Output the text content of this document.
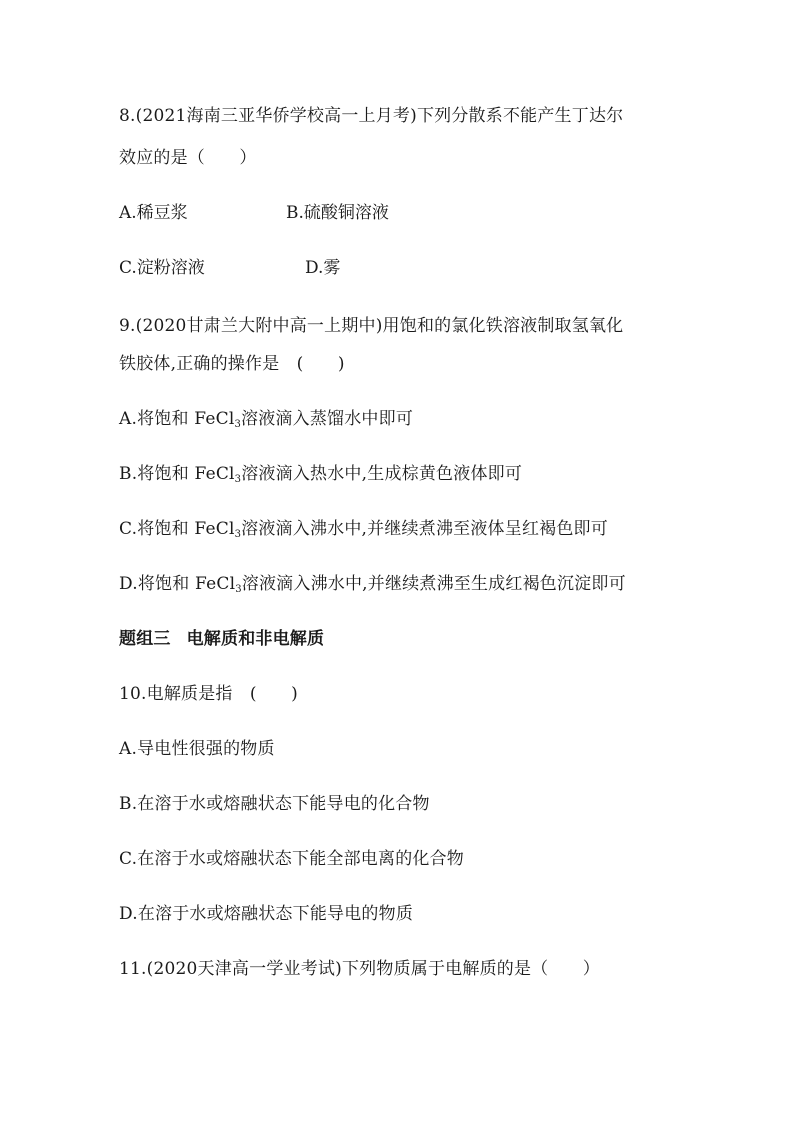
8.(2021海南三亚华侨学校高一上月考)下列分散系不能产生丁达尔
效应的是（　　）
A.稀豆浆	B.硫酸铜溶液
C.淀粉溶液	D.雾
9.(2020甘肃兰大附中高一上期中)用饱和的氯化铁溶液制取氢氧化
铁胶体,正确的操作是　(　　)
A.将饱和 FeCl$_3$溶液滴入蒸馏水中即可
B.将饱和 FeCl$_3$溶液滴入热水中,生成棕黄色液体即可
C.将饱和 FeCl$_3$溶液滴入沸水中,并继续煮沸至液体呈红褐色即可
D.将饱和 FeCl$_3$溶液滴入沸水中,并继续煮沸至生成红褐色沉淀即可
题组三 电解质和非电解质
10.电解质是指　(　　)
A.导电性很强的物质
B.在溶于水或熔融状态下能导电的化合物
C.在溶于水或熔融状态下能全部电离的化合物
D.在溶于水或熔融状态下能导电的物质
11.(2020天津高一学业考试)下列物质属于电解质的是（　　）
